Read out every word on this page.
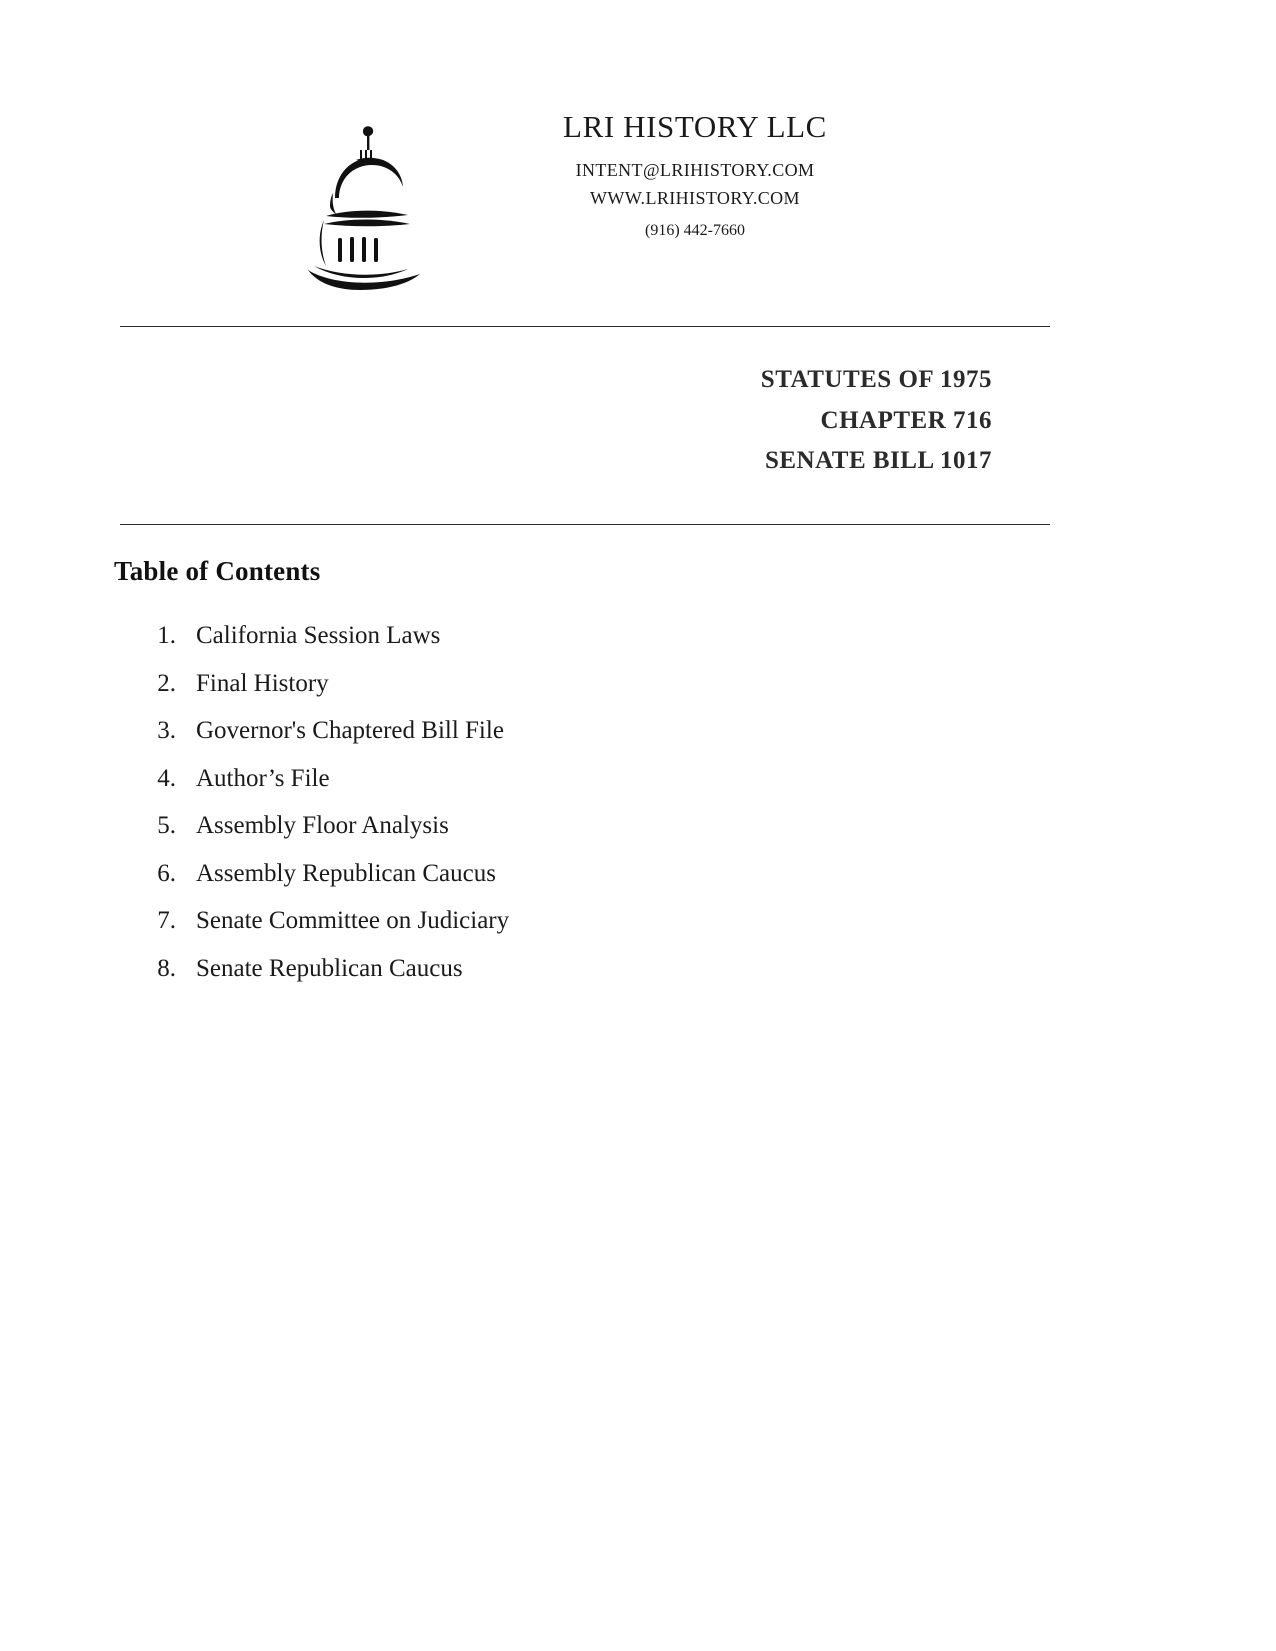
LRI HISTORY LLC
INTENT@LRIHISTORY.COM
WWW.LRIHISTORY.COM
(916) 442-7660
STATUTES OF 1975
CHAPTER 716
SENATE BILL 1017
Table of Contents
1. California Session Laws
2. Final History
3. Governor's Chaptered Bill File
4. Author’s File
5. Assembly Floor Analysis
6. Assembly Republican Caucus
7. Senate Committee on Judiciary
8. Senate Republican Caucus
